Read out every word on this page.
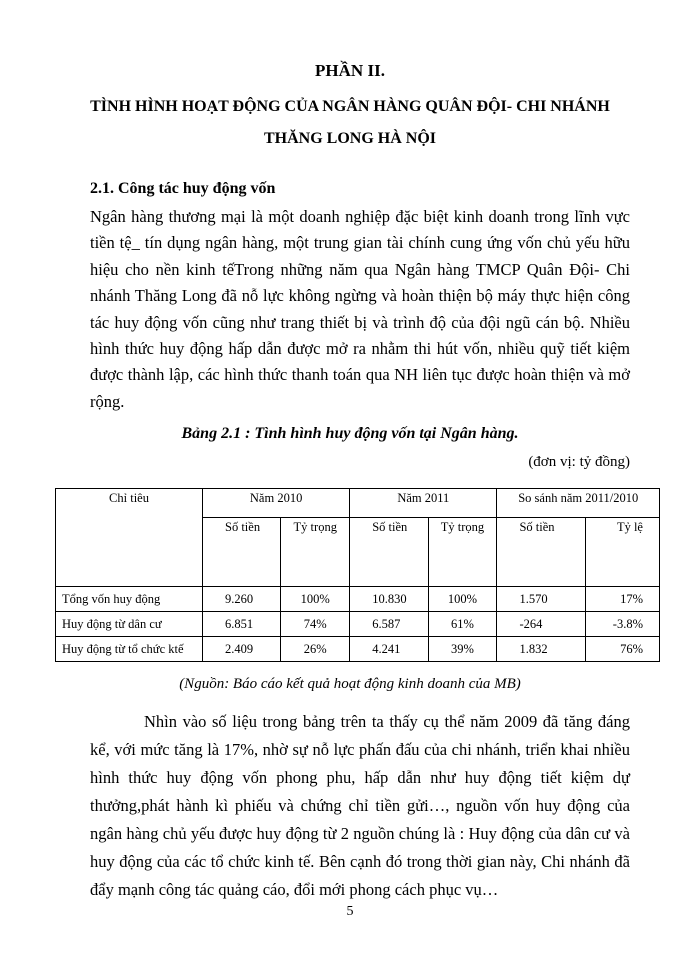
PHẦN II.
TÌNH HÌNH HOẠT ĐỘNG CỦA NGÂN HÀNG QUÂN ĐỘI- CHI NHÁNH
THĂNG LONG HÀ NỘI
2.1. Công tác huy động vốn
Ngân hàng thương mại là một doanh nghiệp đặc biệt kinh doanh trong lĩnh vực tiền tệ_ tín dụng ngân hàng, một trung gian tài chính cung ứng vốn chủ yếu hữu hiệu cho nền kinh tếTrong những năm qua Ngân hàng TMCP Quân Đội- Chi nhánh Thăng Long đã nỗ lực không ngừng và hoàn thiện bộ máy thực hiện công tác huy động vốn cũng như trang thiết bị và trình độ của đội ngũ cán bộ. Nhiều hình thức huy động hấp dẫn được mở ra nhằm thi hút vốn, nhiều quỹ tiết kiệm được thành lập, các hình thức thanh toán qua NH liên tục được hoàn thiện và mở rộng.
Bảng 2.1 : Tình hình huy động vốn tại Ngân hàng.
(đơn vị: tỷ đồng)
Chỉ tiêu	Năm 2010		Năm 2011		So sánh năm 2011/2010	
	Số tiền	Tỷ trọng	Số tiền	Tỷ trọng	Số tiền	Tỷ lệ
Tổng vốn huy động	9.260	100%	10.830	100%	1.570	17%
Huy động từ dân cư	6.851	74%	6.587	61%	-264	-3.8%
Huy động từ tổ chức ktế	2.409	26%	4.241	39%	1.832	76%
(Nguồn: Báo cáo kết quả hoạt động kinh doanh của MB)
Nhìn vào số liệu trong bảng trên ta thấy cụ thể năm 2009 đã tăng đáng kể, với mức tăng là 17%, nhờ sự nỗ lực phấn đấu của chi nhánh, triển khai nhiều hình thức huy động vốn phong phu, hấp dẫn như huy động tiết kiệm dự thưởng,phát hành kì phiếu và chứng chỉ tiền gửi…, nguồn vốn huy động của ngân hàng chủ yếu được huy động từ 2 nguồn chúng là : Huy động của dân cư và huy động của các tổ chức kinh tế. Bên cạnh đó trong thời gian này, Chi nhánh đã đẩy mạnh công tác quảng cáo, đổi mới phong cách phục vụ…
5
